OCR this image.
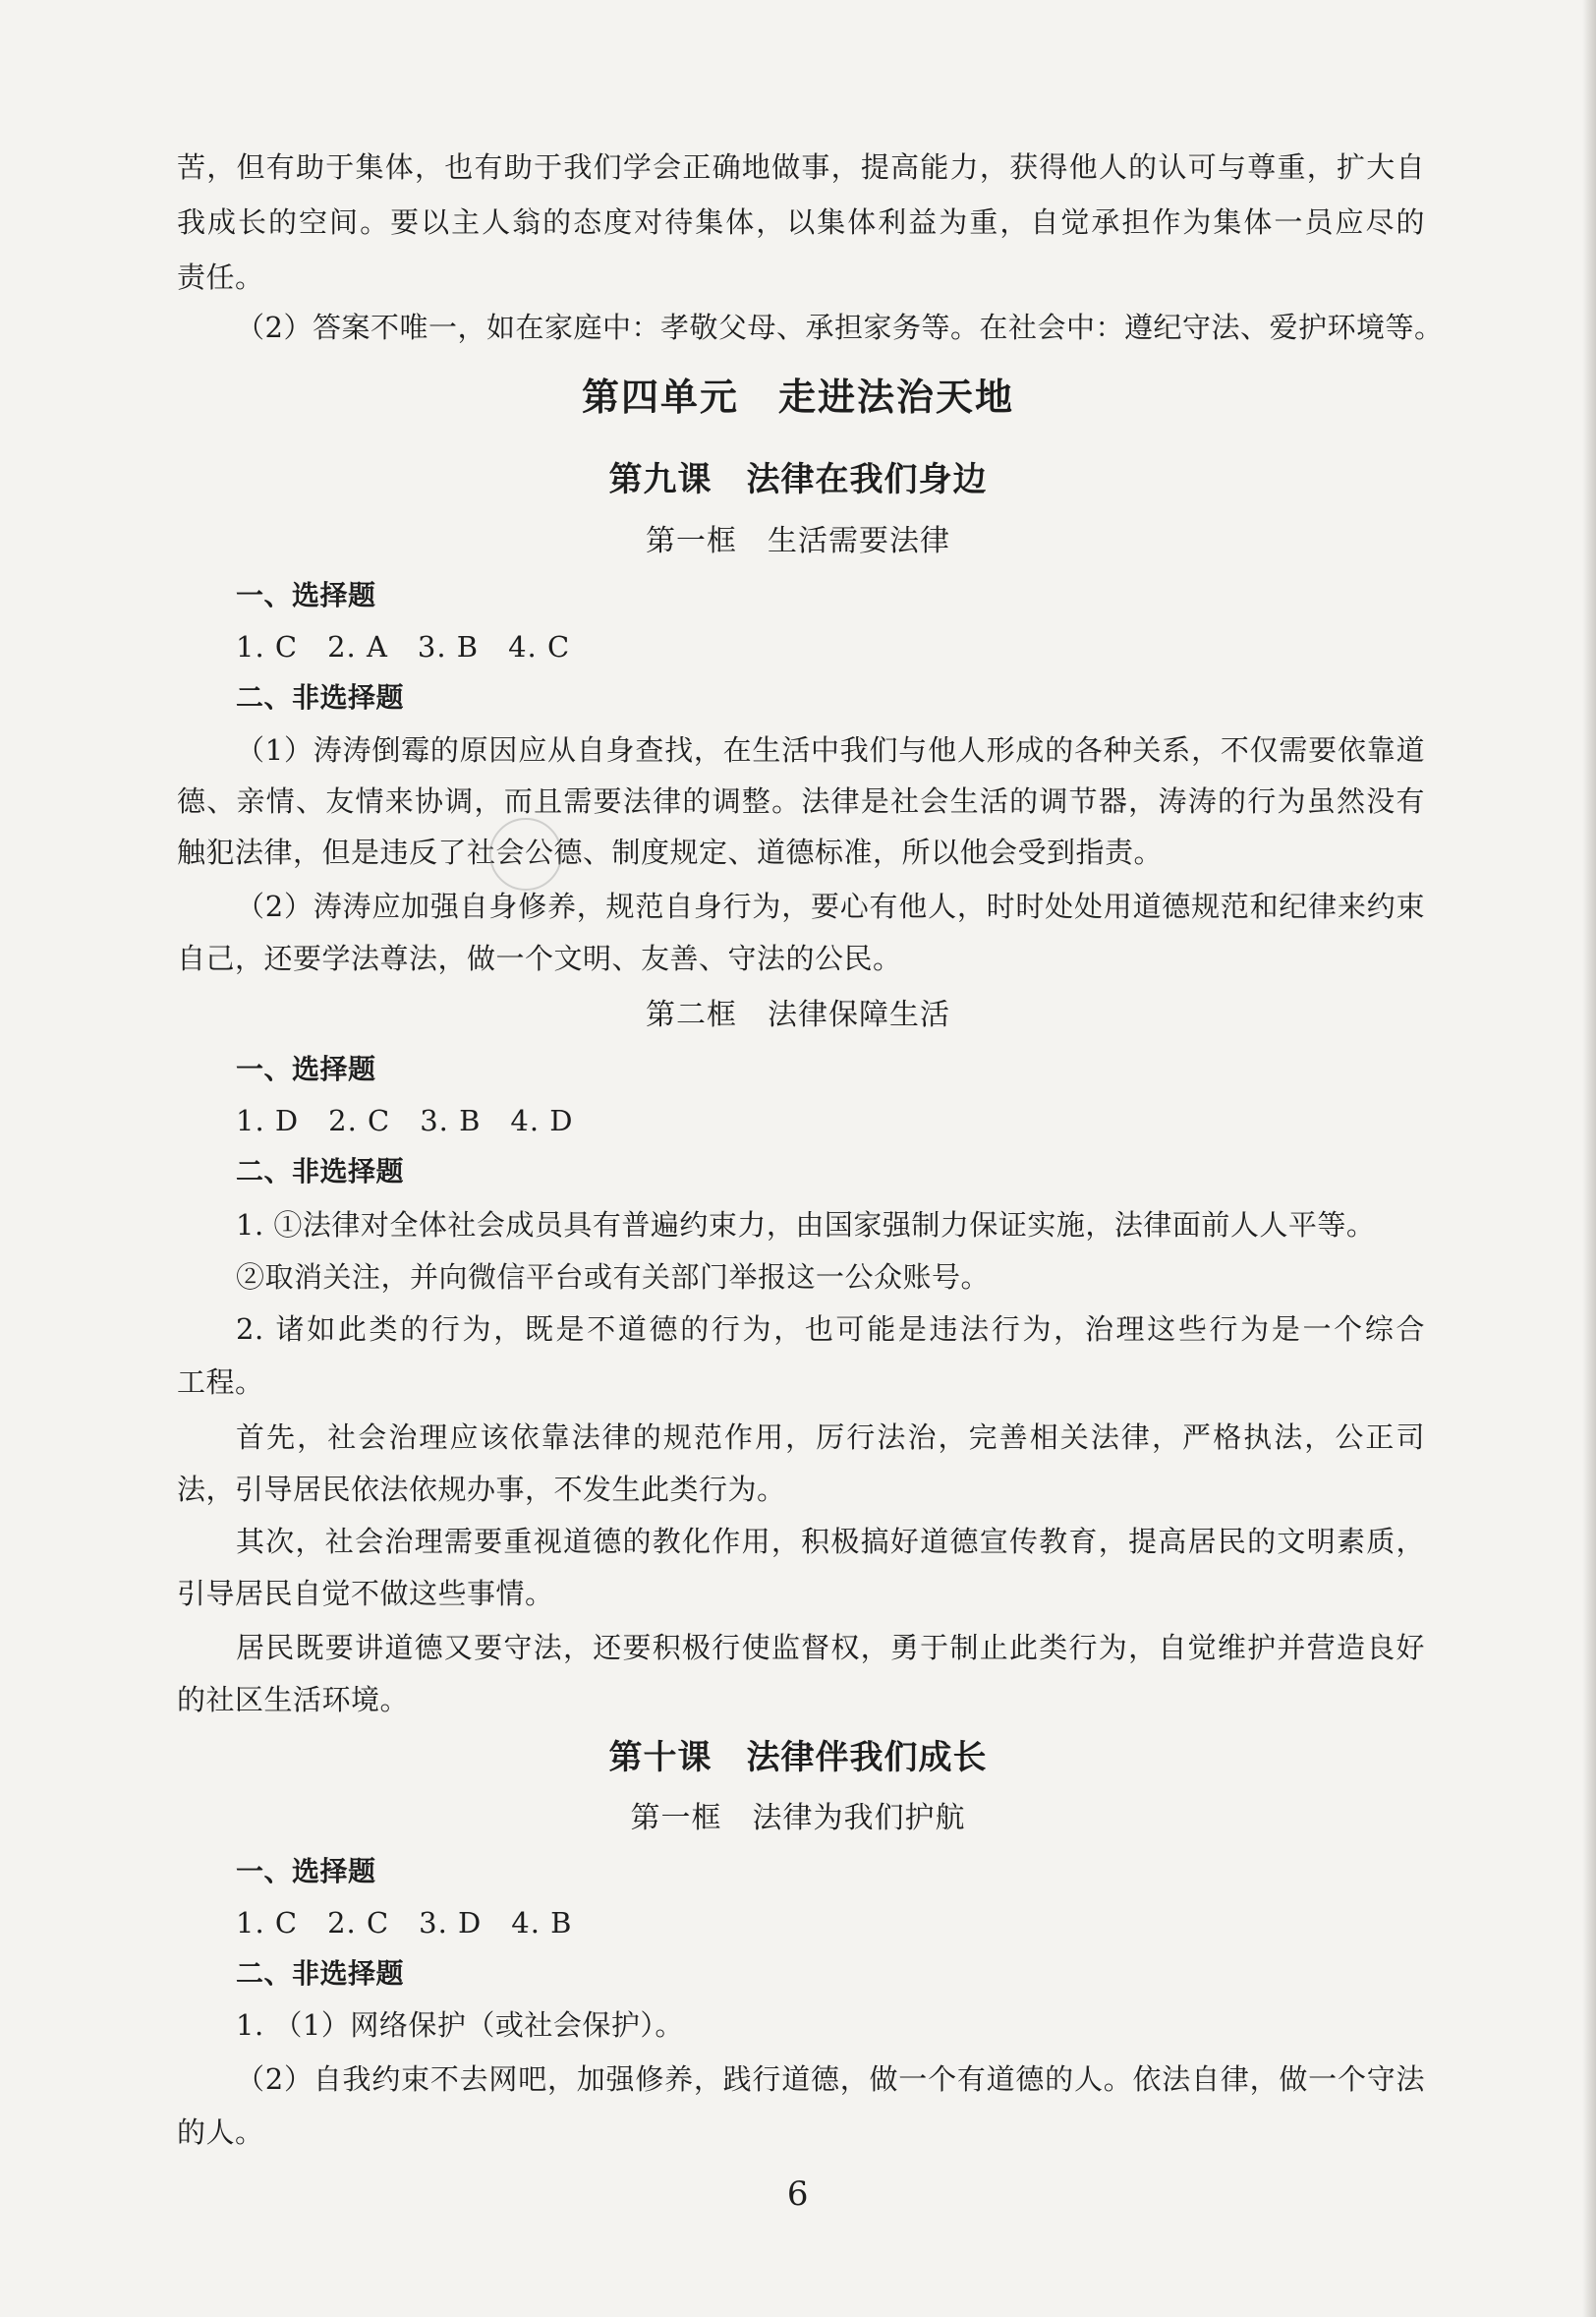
苦，但有助于集体，也有助于我们学会正确地做事，提高能力，获得他人的认可与尊重，扩大自
我成长的空间。要以主人翁的态度对待集体，以集体利益为重，自觉承担作为集体一员应尽的
责任。
（2）答案不唯一，如在家庭中：孝敬父母、承担家务等。在社会中：遵纪守法、爱护环境等。
第四单元　走进法治天地
第九课　法律在我们身边
第一框　生活需要法律
一、选择题
1. C　2. A　3. B　4. C
二、非选择题
（1）涛涛倒霉的原因应从自身查找，在生活中我们与他人形成的各种关系，不仅需要依靠道
德、亲情、友情来协调，而且需要法律的调整。法律是社会生活的调节器，涛涛的行为虽然没有
触犯法律，但是违反了社会公德、制度规定、道德标准，所以他会受到指责。
（2）涛涛应加强自身修养，规范自身行为，要心有他人，时时处处用道德规范和纪律来约束
自己，还要学法尊法，做一个文明、友善、守法的公民。
第二框　法律保障生活
一、选择题
1. D　2. C　3. B　4. D
二、非选择题
1. ①法律对全体社会成员具有普遍约束力，由国家强制力保证实施，法律面前人人平等。
②取消关注，并向微信平台或有关部门举报这一公众账号。
2. 诸如此类的行为，既是不道德的行为，也可能是违法行为，治理这些行为是一个综合
工程。
首先，社会治理应该依靠法律的规范作用，厉行法治，完善相关法律，严格执法，公正司
法，引导居民依法依规办事，不发生此类行为。
其次，社会治理需要重视道德的教化作用，积极搞好道德宣传教育，提高居民的文明素质，
引导居民自觉不做这些事情。
居民既要讲道德又要守法，还要积极行使监督权，勇于制止此类行为，自觉维护并营造良好
的社区生活环境。
第十课　法律伴我们成长
第一框　法律为我们护航
一、选择题
1. C　2. C　3. D　4. B
二、非选择题
1. （1）网络保护（或社会保护）。
（2）自我约束不去网吧，加强修养，践行道德，做一个有道德的人。依法自律，做一个守法
的人。
6
